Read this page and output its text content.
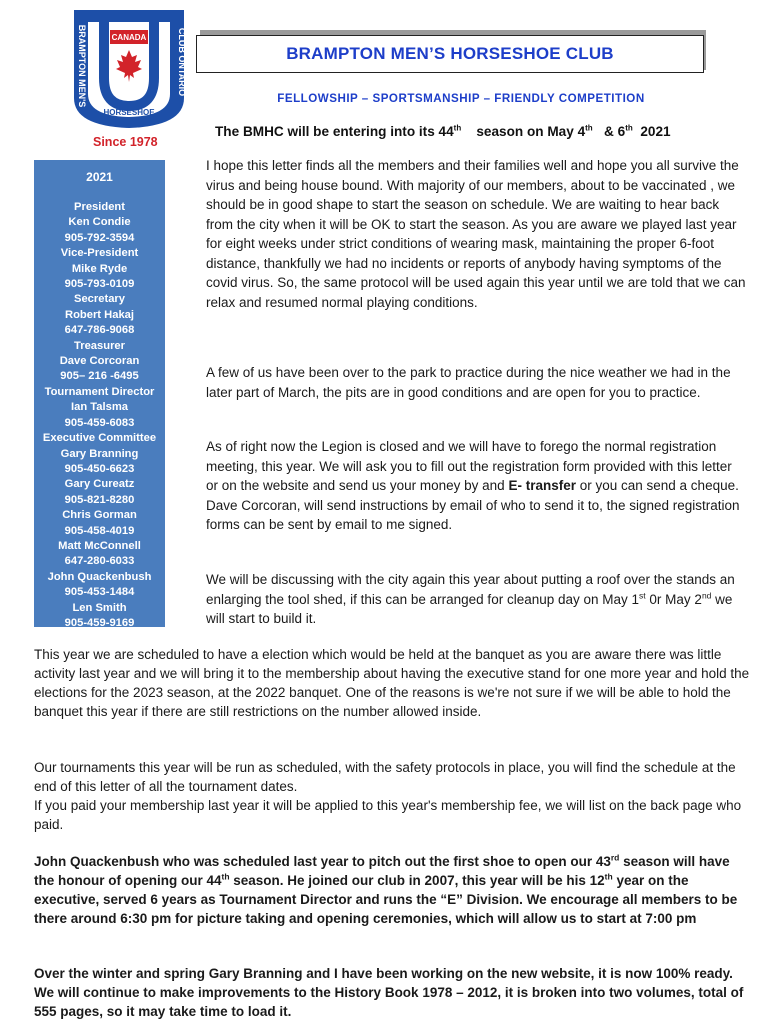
CANADA
BRAMPTON MEN'S	CLUB ONTARIO
HORSESHOE
BRAMPTON MEN’S HORSESHOE CLUB
FELLOWSHIP – SPORTSMANSHIP – FRIENDLY COMPETITION
Since 1978
The BMHC will be entering into its 44th season on May 4th & 6th 2021
2021
President
Ken Condie
905-792-3594
Vice-President
Mike Ryde
905-793-0109
Secretary
Robert Hakaj
647-786-9068
Treasurer
Dave Corcoran
905– 216 -6495
Tournament Director
Ian Talsma
905-459-6083
Executive Committee
Gary Branning
905-450-6623
Gary Cureatz
905-821-8280
Chris Gorman
905-458-4019
Matt McConnell
647-280-6033
John Quackenbush
905-453-1484
Len Smith
905-459-9169

I hope this letter finds all the members and their families well and hope you all survive the virus and being house bound. With majority of our members, about to be vaccinated , we should be in good shape to start the season on schedule. We are waiting to hear back from the city when it will be OK to start the season. As you are aware we played last year for eight weeks under strict conditions of wearing mask, maintaining the proper 6-foot distance, thankfully we had no incidents or reports of anybody having symptoms of the covid virus. So, the same protocol will be used again this year until we are told that we can relax and resumed normal playing conditions.

A few of us have been over to the park to practice during the nice weather we had in the later part of March, the pits are in good conditions and are open for you to practice.

As of right now the Legion is closed and we will have to forego the normal registration meeting, this year. We will ask you to fill out the registration form provided with this letter or on the website and send us your money by and E- transfer or you can send a cheque. Dave Corcoran, will send instructions by email of who to send it to, the signed registration forms can be sent by email to me signed.

We will be discussing with the city again this year about putting a roof over the stands an enlarging the tool shed, if this can be arranged for cleanup day on May 1st 0r May 2nd we will start to build it.

This year we are scheduled to have a election which would be held at the banquet as you are aware there was little activity last year and we will bring it to the membership about having the executive stand for one more year and hold the elections for the 2023 season, at the 2022 banquet. One of the reasons is we're not sure if we will be able to hold the banquet this year if there are still restrictions on the number allowed inside.

Our tournaments this year will be run as scheduled, with the safety protocols in place, you will find the schedule at the end of this letter of all the tournament dates.

If you paid your membership last year it will be applied to this year's membership fee, we will list on the back page who paid.

John Quackenbush who was scheduled last year to pitch out the first shoe to open our 43rd season will have the honour of opening our 44th season. He joined our club in 2007, this year will be his 12th year on the executive, served 6 years as Tournament Director and runs the “E” Division. We encourage all members to be there around 6:30 pm for picture taking and opening ceremonies, which will allow us to start at 7:00 pm

Over the winter and spring Gary Branning and I have been working on the new website, it is now 100% ready. We will continue to make improvements to the History Book 1978 – 2012, it is broken into two volumes, total of 555 pages, so it may take time to load it.
